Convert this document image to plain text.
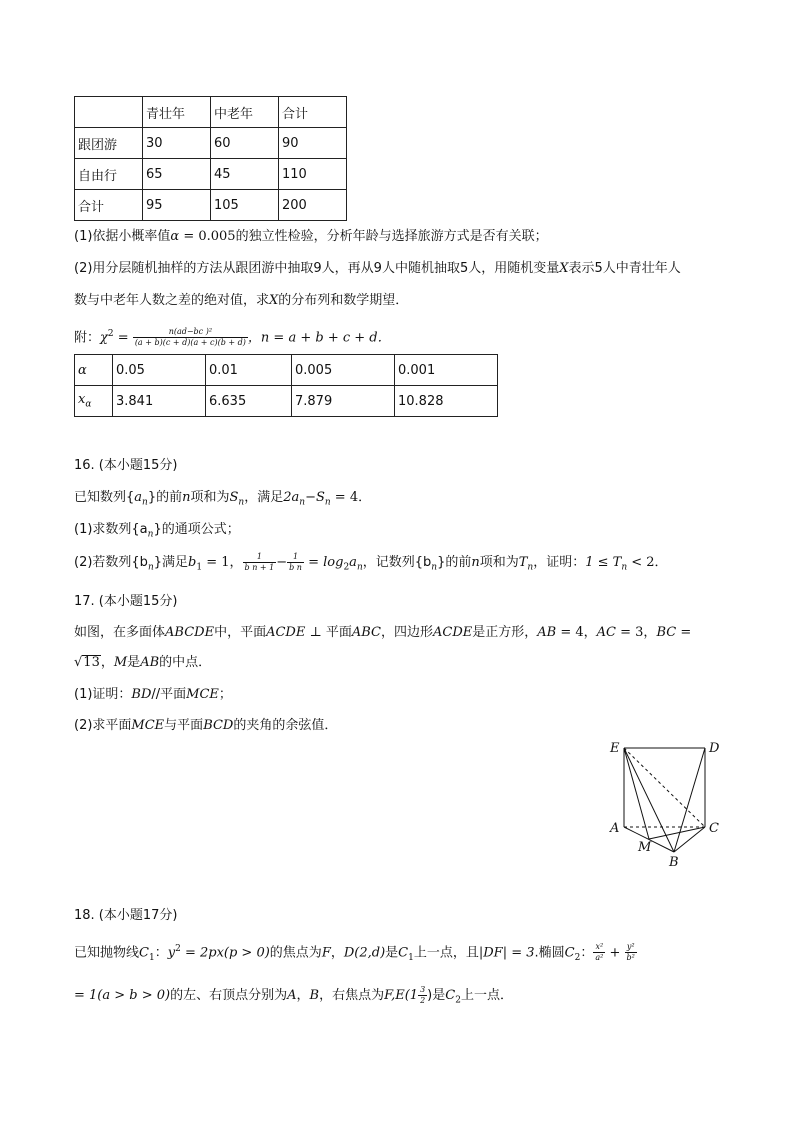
	青壮年	中老年	合计
跟团游	30	60	90
自由行	65	45	110
合计	95	105	200
(1)依据小概率值α = 0.005的独立性检验，分析年龄与选择旅游方式是否有关联；
(2)用分层随机抽样的方法从跟团游中抽取9人，再从9人中随机抽取5人，用随机变量X表示5人中青壮年人
数与中老年人数之差的绝对值，求X的分布列和数学期望．
附：$\chi^2 = \frac{\text{n(ad−bc )²}}{(a + b)(c + d)(a + c)(b + d)}$ ，n = a + b + c + d．
α	0.05	0.01	0.005	0.001
$x_\alpha$	3.841	6.635	7.879	10.828
16. (本小题15分)
已知数列$\{a_n\}$的前n项和为$S_n$，满足$2a_n-S_n = 4$．
(1)求数列$\{a_n\}$的通项公式；
(2)若数列$\{b_n\}$满足$b_1 = 1$， $\frac{1}{\text{b n + 1}} - \frac{1}{\text{b n}} = \log_2a_n$，记数列$\{b_n\}$的前n项和为$T_n$，证明：$1 \le T_n < 2$．
17. (本小题15分)
如图，在多面体ABCDE中，平面ACDE ⊥ 平面ABC，四边形ACDE是正方形，AB = 4，AC = 3，BC =
√13，M是AB的中点．
(1)证明：BD//平面MCE；
(2)求平面MCE与平面BCD的夹角的余弦值．
E	D
A	C
M
B
18. (本小题17分)
已知抛物线$C_1$：$y^2 = 2px(p > 0)$的焦点为F，D(2,d)是$C_1$上一点，且|DF| = 3.椭圆$C_2$： $\frac{\text{x²}}{\text{a²}} + \frac{\text{y²}}{\text{b²}}$
= 1(a > b > 0)的左、右顶点分别为A，B，右焦点为$F,E(1 \frac{3}{2}$ )是$C_2$上一点．
